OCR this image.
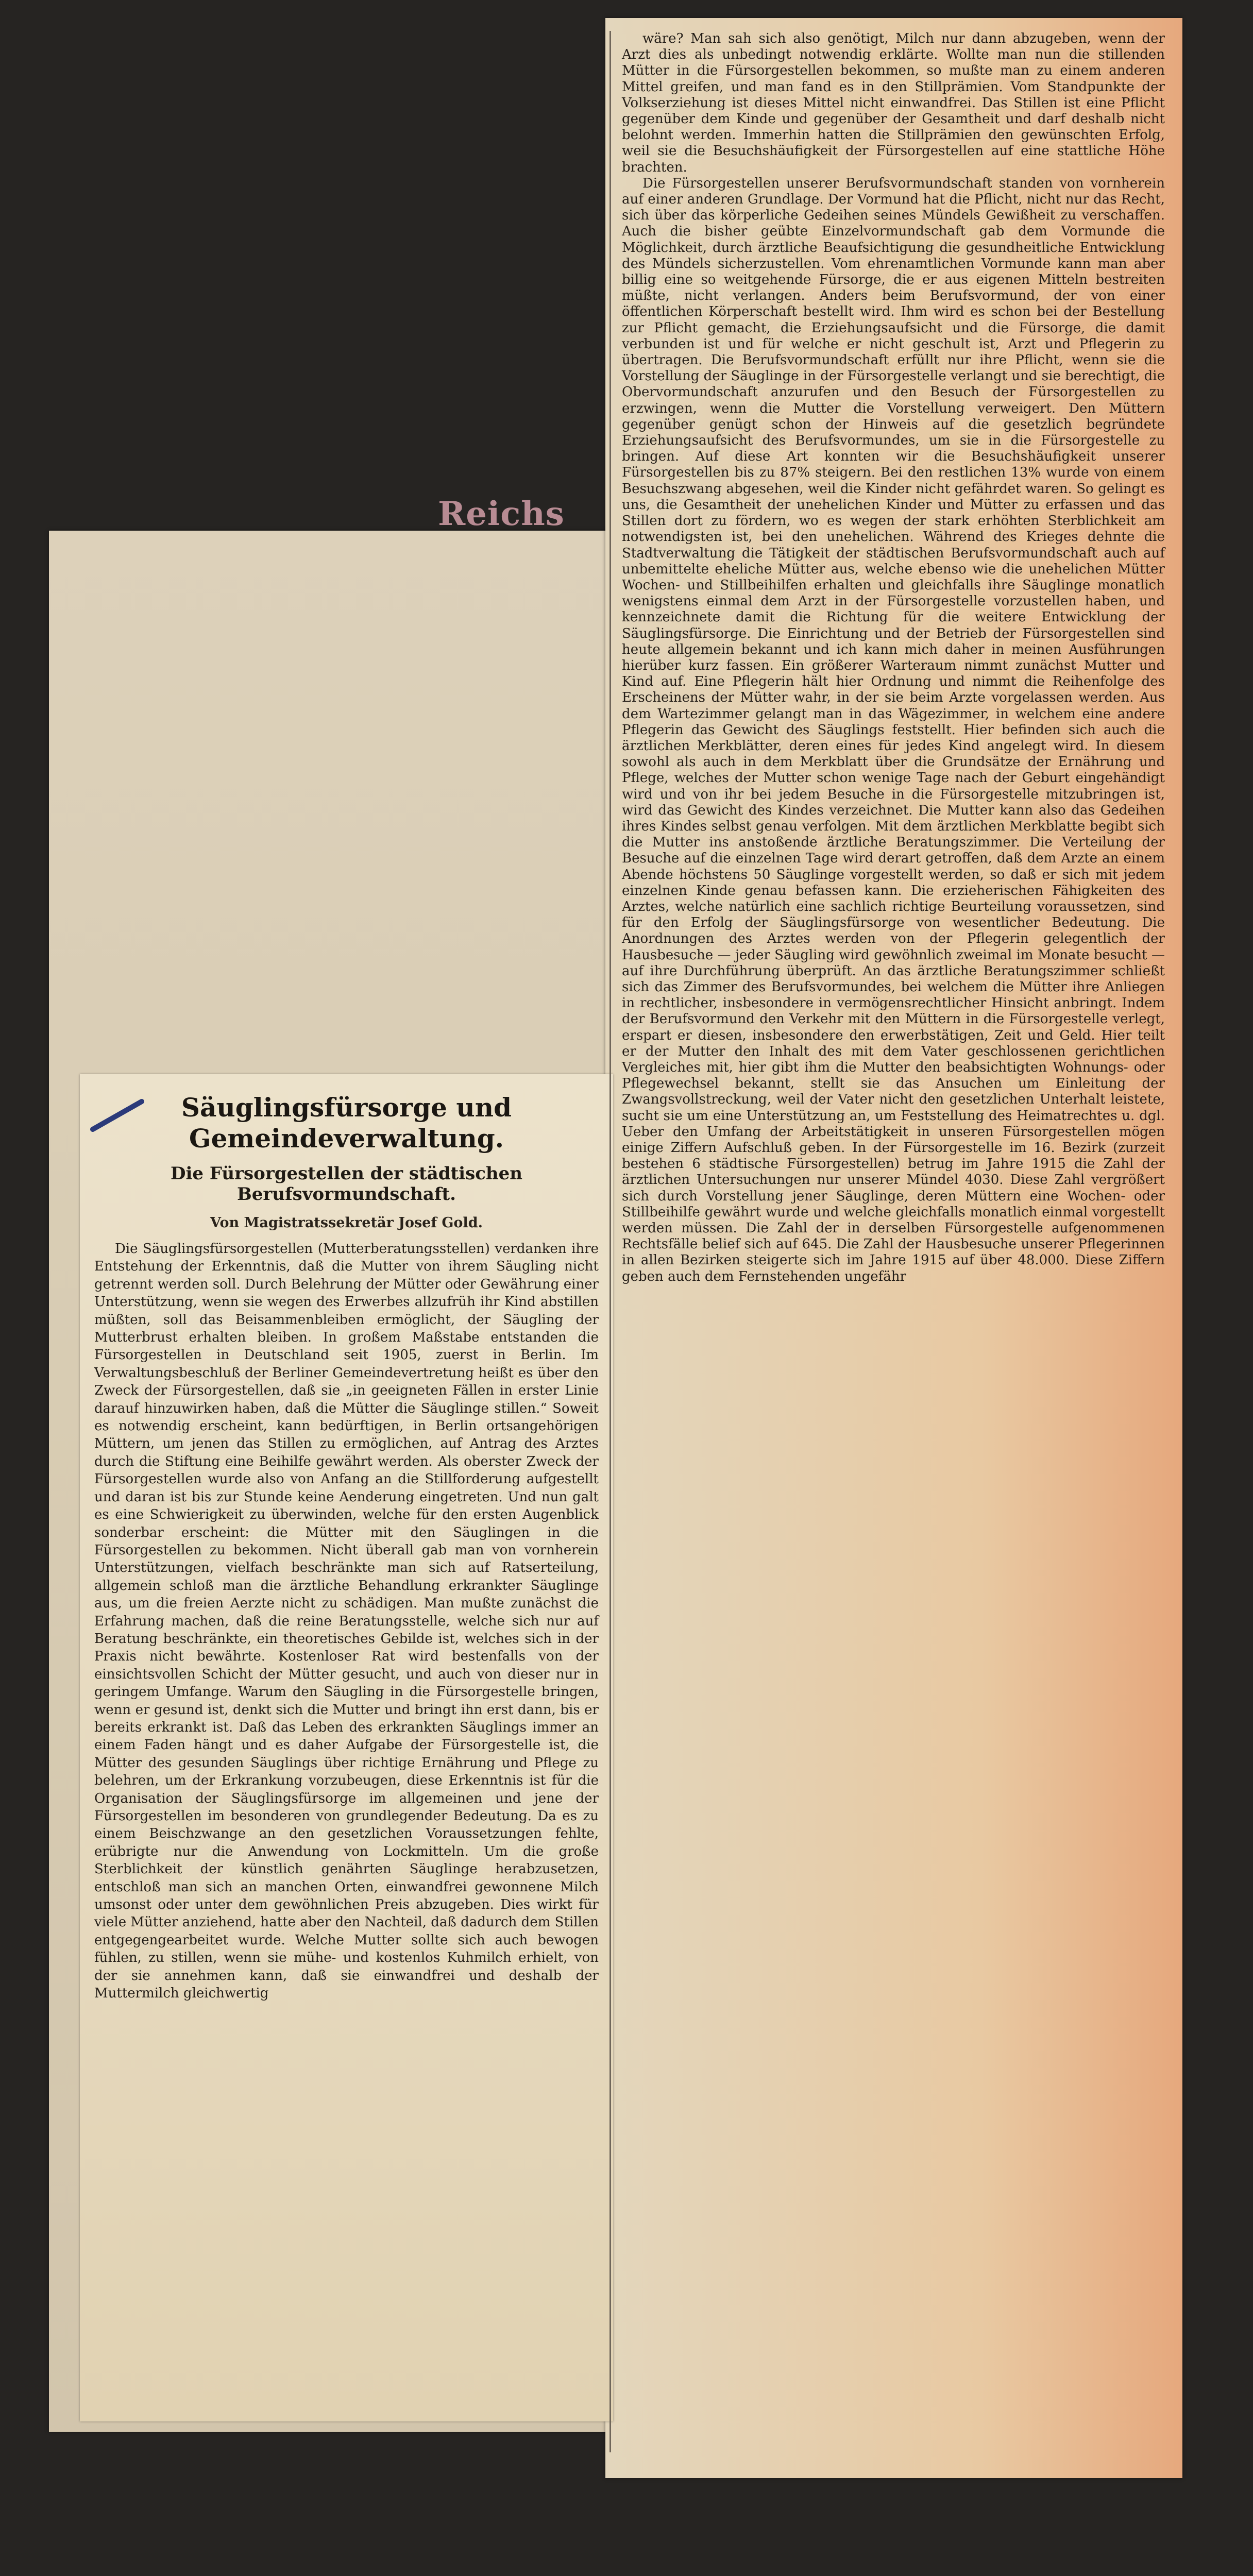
Reichs
Säuglingsfürsorge und Gemeindeverwaltung.
Die Fürsorgestellen der städtischen Berufsvormundschaft.
Von Magistratssekretär Josef Gold.

Die Säuglingsfürsorgestellen (Mutterberatungsstellen) verdanken ihre Entstehung der Erkenntnis, daß die Mutter von ihrem Säugling nicht getrennt werden soll. Durch Belehrung der Mütter oder Gewährung einer Unterstützung, wenn sie wegen des Erwerbes allzufrüh ihr Kind abstillen müßten, soll das Beisammenbleiben ermöglicht, der Säugling der Mutterbrust erhalten bleiben. In großem Maßstabe entstanden die Fürsorgestellen in Deutschland seit 1905, zuerst in Berlin. Im Verwaltungsbeschluß der Berliner Gemeindevertretung heißt es über den Zweck der Fürsorgestellen, daß sie „in geeigneten Fällen in erster Linie darauf hinzuwirken haben, daß die Mütter die Säuglinge stillen.“ Soweit es notwendig erscheint, kann bedürftigen, in Berlin ortsangehörigen Müttern, um jenen das Stillen zu ermöglichen, auf Antrag des Arztes durch die Stiftung eine Beihilfe gewährt werden. Als oberster Zweck der Fürsorgestellen wurde also von Anfang an die Stillforderung aufgestellt und daran ist bis zur Stunde keine Aenderung eingetreten. Und nun galt es eine Schwierigkeit zu überwinden, welche für den ersten Augenblick sonderbar erscheint: die Mütter mit den Säuglingen in die Fürsorgestellen zu bekommen. Nicht überall gab man von vornherein Unterstützungen, vielfach beschränkte man sich auf Ratserteilung, allgemein schloß man die ärztliche Behandlung erkrankter Säuglinge aus, um die freien Aerzte nicht zu schädigen. Man mußte zunächst die Erfahrung machen, daß die reine Beratungsstelle, welche sich nur auf Beratung beschränkte, ein theoretisches Gebilde ist, welches sich in der Praxis nicht bewährte. Kostenloser Rat wird bestenfalls von der einsichtsvollen Schicht der Mütter gesucht, und auch von dieser nur in geringem Umfange. Warum den Säugling in die Fürsorgestelle bringen, wenn er gesund ist, denkt sich die Mutter und bringt ihn erst dann, bis er bereits erkrankt ist. Daß das Leben des erkrankten Säuglings immer an einem Faden hängt und es daher Aufgabe der Fürsorgestelle ist, die Mütter des gesunden Säuglings über richtige Ernährung und Pflege zu belehren, um der Erkrankung vorzubeugen, diese Erkenntnis ist für die Organisation der Säuglingsfürsorge im allgemeinen und jene der Fürsorgestellen im besonderen von grundlegender Bedeutung. Da es zu einem Beischzwange an den gesetzlichen Voraussetzungen fehlte, erübrigte nur die Anwendung von Lockmitteln. Um die große Sterblichkeit der künstlich genährten Säuglinge herabzusetzen, entschloß man sich an manchen Orten, einwandfrei gewonnene Milch umsonst oder unter dem gewöhnlichen Preis abzugeben. Dies wirkt für viele Mütter anziehend, hatte aber den Nachteil, daß dadurch dem Stillen entgegengearbeitet wurde. Welche Mutter sollte sich auch bewogen fühlen, zu stillen, wenn sie mühe- und kostenlos Kuhmilch erhielt, von der sie annehmen kann, daß sie einwandfrei und deshalb der Muttermilch gleichwertig

wäre? Man sah sich also genötigt, Milch nur dann abzugeben, wenn der Arzt dies als unbedingt notwendig erklärte. Wollte man nun die stillenden Mütter in die Fürsorgestellen bekommen, so mußte man zu einem anderen Mittel greifen, und man fand es in den Stillprämien. Vom Standpunkte der Volkserziehung ist dieses Mittel nicht einwandfrei. Das Stillen ist eine Pflicht gegenüber dem Kinde und gegenüber der Gesamtheit und darf deshalb nicht belohnt werden. Immerhin hatten die Stillprämien den gewünschten Erfolg, weil sie die Besuchshäufigkeit der Fürsorgestellen auf eine stattliche Höhe brachten.

Die Fürsorgestellen unserer Berufsvormundschaft standen von vornherein auf einer anderen Grundlage. Der Vormund hat die Pflicht, nicht nur das Recht, sich über das körperliche Gedeihen seines Mündels Gewißheit zu verschaffen. Auch die bisher geübte Einzelvormundschaft gab dem Vormunde die Möglichkeit, durch ärztliche Beaufsichtigung die gesundheitliche Entwicklung des Mündels sicherzustellen. Vom ehrenamtlichen Vormunde kann man aber billig eine so weitgehende Fürsorge, die er aus eigenen Mitteln bestreiten müßte, nicht verlangen. Anders beim Berufsvormund, der von einer öffentlichen Körperschaft bestellt wird. Ihm wird es schon bei der Bestellung zur Pflicht gemacht, die Erziehungsaufsicht und die Fürsorge, die damit verbunden ist und für welche er nicht geschult ist, Arzt und Pflegerin zu übertragen. Die Berufsvormundschaft erfüllt nur ihre Pflicht, wenn sie die Vorstellung der Säuglinge in der Fürsorgestelle verlangt und sie berechtigt, die Obervormundschaft anzurufen und den Besuch der Fürsorgestellen zu erzwingen, wenn die Mutter die Vorstellung verweigert. Den Müttern gegenüber genügt schon der Hinweis auf die gesetzlich begründete Erziehungsaufsicht des Berufsvormundes, um sie in die Fürsorgestelle zu bringen. Auf diese Art konnten wir die Besuchshäufigkeit unserer Fürsorgestellen bis zu 87% steigern. Bei den restlichen 13% wurde von einem Besuchszwang abgesehen, weil die Kinder nicht gefährdet waren. So gelingt es uns, die Gesamtheit der unehelichen Kinder und Mütter zu erfassen und das Stillen dort zu fördern, wo es wegen der stark erhöhten Sterblichkeit am notwendigsten ist, bei den unehelichen. Während des Krieges dehnte die Stadtverwaltung die Tätigkeit der städtischen Berufsvormundschaft auch auf unbemittelte eheliche Mütter aus, welche ebenso wie die unehelichen Mütter Wochen- und Stillbeihilfen erhalten und gleichfalls ihre Säuglinge monatlich wenigstens einmal dem Arzt in der Fürsorgestelle vorzustellen haben, und kennzeichnete damit die Richtung für die weitere Entwicklung der Säuglingsfürsorge. Die Einrichtung und der Betrieb der Fürsorgestellen sind heute allgemein bekannt und ich kann mich daher in meinen Ausführungen hierüber kurz fassen. Ein größerer Warteraum nimmt zunächst Mutter und Kind auf. Eine Pflegerin hält hier Ordnung und nimmt die Reihenfolge des Erscheinens der Mütter wahr, in der sie beim Arzte vorgelassen werden. Aus dem Wartezimmer gelangt man in das Wägezimmer, in welchem eine andere Pflegerin das Gewicht des Säuglings feststellt. Hier befinden sich auch die ärztlichen Merkblätter, deren eines für jedes Kind angelegt wird. In diesem sowohl als auch in dem Merkblatt über die Grundsätze der Ernährung und Pflege, welches der Mutter schon wenige Tage nach der Geburt eingehändigt wird und von ihr bei jedem Besuche in die Fürsorgestelle mitzubringen ist, wird das Gewicht des Kindes verzeichnet. Die Mutter kann also das Gedeihen ihres Kindes selbst genau verfolgen. Mit dem ärztlichen Merkblatte begibt sich die Mutter ins anstoßende ärztliche Beratungszimmer. Die Verteilung der Besuche auf die einzelnen Tage wird derart getroffen, daß dem Arzte an einem Abende höchstens 50 Säuglinge vorgestellt werden, so daß er sich mit jedem einzelnen Kinde genau befassen kann. Die erzieherischen Fähigkeiten des Arztes, welche natürlich eine sachlich richtige Beurteilung voraussetzen, sind für den Erfolg der Säuglingsfürsorge von wesentlicher Bedeutung. Die Anordnungen des Arztes werden von der Pflegerin gelegentlich der Hausbesuche — jeder Säugling wird gewöhnlich zweimal im Monate besucht — auf ihre Durchführung überprüft. An das ärztliche Beratungszimmer schließt sich das Zimmer des Berufsvormundes, bei welchem die Mütter ihre Anliegen in rechtlicher, insbesondere in vermögensrechtlicher Hinsicht anbringt. Indem der Berufsvormund den Verkehr mit den Müttern in die Fürsorgestelle verlegt, erspart er diesen, insbesondere den erwerbstätigen, Zeit und Geld. Hier teilt er der Mutter den Inhalt des mit dem Vater geschlossenen gerichtlichen Vergleiches mit, hier gibt ihm die Mutter den beabsichtigten Wohnungs- oder Pflegewechsel bekannt, stellt sie das Ansuchen um Einleitung der Zwangsvollstreckung, weil der Vater nicht den gesetzlichen Unterhalt leistete, sucht sie um eine Unterstützung an, um Feststellung des Heimatrechtes u. dgl. Ueber den Umfang der Arbeitstätigkeit in unseren Fürsorgestellen mögen einige Ziffern Aufschluß geben. In der Fürsorgestelle im 16. Bezirk (zurzeit bestehen 6 städtische Fürsorgestellen) betrug im Jahre 1915 die Zahl der ärztlichen Untersuchungen nur unserer Mündel 4030. Diese Zahl vergrößert sich durch Vorstellung jener Säuglinge, deren Müttern eine Wochen- oder Stillbeihilfe gewährt wurde und welche gleichfalls monatlich einmal vorgestellt werden müssen. Die Zahl der in derselben Fürsorgestelle aufgenommenen Rechtsfälle belief sich auf 645. Die Zahl der Hausbesuche unserer Pflegerinnen in allen Bezirken steigerte sich im Jahre 1915 auf über 48.000. Diese Ziffern geben auch dem Fernstehenden ungefähr
